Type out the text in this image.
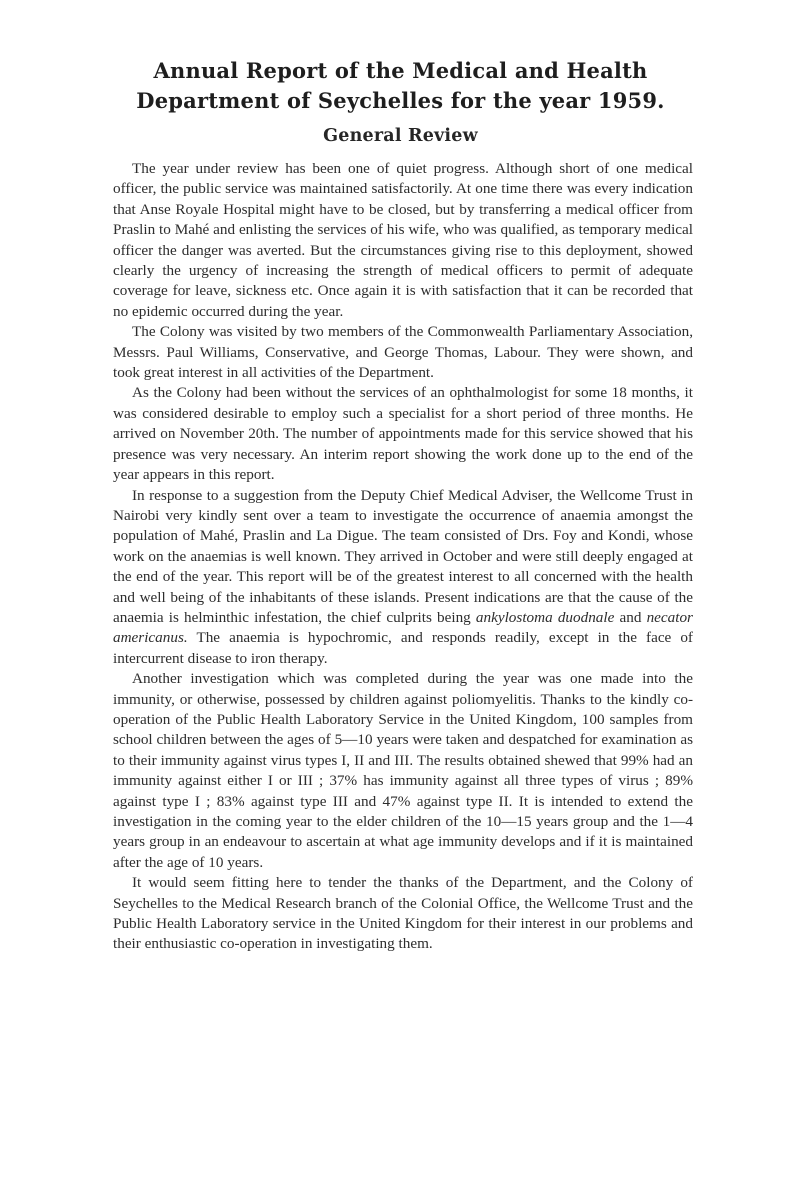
Annual Report of the Medical and Health
Department of Seychelles for the year 1959.
General Review

The year under review has been one of quiet progress. Although short of one medical officer, the public service was maintained satisfactorily. At one time there was every indication that Anse Royale Hospital might have to be closed, but by transferring a medical officer from Praslin to Mahé and enlisting the services of his wife, who was qualified, as temporary medical officer the danger was averted. But the circumstances giving rise to this deployment, showed clearly the urgency of increasing the strength of medical officers to permit of adequate coverage for leave, sickness etc. Once again it is with satisfaction that it can be recorded that no epidemic occurred during the year.

The Colony was visited by two members of the Commonwealth Parliamentary Association, Messrs. Paul Williams, Conservative, and George Thomas, Labour. They were shown, and took great interest in all activities of the Department.

As the Colony had been without the services of an ophthalmologist for some 18 months, it was considered desirable to employ such a specialist for a short period of three months. He arrived on November 20th. The number of appointments made for this service showed that his presence was very necessary. An interim report showing the work done up to the end of the year appears in this report.

In response to a suggestion from the Deputy Chief Medical Adviser, the Wellcome Trust in Nairobi very kindly sent over a team to investigate the occurrence of anaemia amongst the population of Mahé, Praslin and La Digue. The team consisted of Drs. Foy and Kondi, whose work on the anaemias is well known. They arrived in October and were still deeply engaged at the end of the year. This report will be of the greatest interest to all concerned with the health and well being of the inhabitants of these islands. Present indications are that the cause of the anaemia is helminthic infestation, the chief culprits being ankylostoma duodnale and necator americanus. The anaemia is hypochromic, and responds readily, except in the face of intercurrent disease to iron therapy.

Another investigation which was completed during the year was one made into the immunity, or otherwise, possessed by children against poliomyelitis. Thanks to the kindly co-operation of the Public Health Laboratory Service in the United Kingdom, 100 samples from school children between the ages of 5—10 years were taken and despatched for examination as to their immunity against virus types I, II and III. The results obtained shewed that 99% had an immunity against either I or III ; 37% has immunity against all three types of virus ; 89% against type I ; 83% against type III and 47% against type II. It is intended to extend the investigation in the coming year to the elder children of the 10—15 years group and the 1—4 years group in an endeavour to ascertain at what age immunity develops and if it is maintained after the age of 10 years.

It would seem fitting here to tender the thanks of the Department, and the Colony of Seychelles to the Medical Research branch of the Colonial Office, the Wellcome Trust and the Public Health Laboratory service in the United Kingdom for their interest in our problems and their enthusiastic co-operation in investigating them.
